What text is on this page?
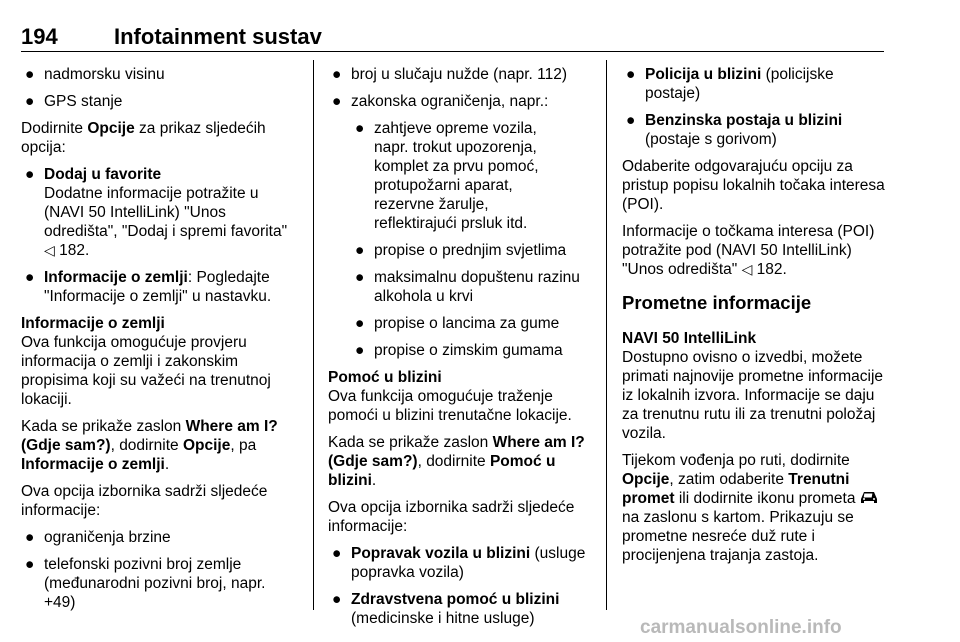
194	Infotainment sustav
● nadmorsku visinu
● GPS stanje

Dodirnite Opcije za prikaz sljedećih opcija:

● Dodaj u favorite

Dodatne informacije potražite u (NAVI 50 IntelliLink) "Unos odredišta", "Dodaj i spremi favorita" ◁ 182.

● Informacije o zemlji: Pogledajte "Informacije o zemlji" u nastavku.

Informacije o zemlji

Ova funkcija omogućuje provjeru informacija o zemlji i zakonskim propisima koji su važeći na trenutnoj lokaciji.

Kada se prikaže zaslon Where am I? (Gdje sam?), dodirnite Opcije, pa Informacije o zemlji.

Ova opcija izbornika sadrži sljedeće informacije:

● ograničenja brzine
● telefonski pozivni broj zemlje (međunarodni pozivni broj, napr. +49)
● broj u slučaju nužde (napr. 112)
● zakonska ograničenja, napr.:
● zahtjeve opreme vozila,
napr. trokut upozorenja,
komplet za prvu pomoć,
protupožarni aparat,
rezervne žarulje,
reflektirajući prsluk itd.
● propise o prednjim svjetlima
● maksimalnu dopuštenu razinu alkohola u krvi
● propise o lancima za gume
● propise o zimskim gumama

Pomoć u blizini

Ova funkcija omogućuje traženje pomoći u blizini trenutačne lokacije.

Kada se prikaže zaslon Where am I? (Gdje sam?), dodirnite Pomoć u blizini.

Ova opcija izbornika sadrži sljedeće informacije:

● Popravak vozila u blizini (usluge popravka vozila)
● Zdravstvena pomoć u blizini (medicinske i hitne usluge)
● Policija u blizini (policijske postaje)
● Benzinska postaja u blizini (postaje s gorivom)

Odaberite odgovarajuću opciju za pristup popisu lokalnih točaka interesa (POI).

Informacije o točkama interesa (POI) potražite pod (NAVI 50 IntelliLink) "Unos odredišta" ◁ 182.

Prometne informacije

NAVI 50 IntelliLink

Dostupno ovisno o izvedbi, možete primati najnovije prometne informacije iz lokalnih izvora. Informacije se daju za trenutnu rutu ili za trenutni položaj vozila.

Tijekom vođenja po ruti, dodirnite Opcije, zatim odaberite Trenutni promet ili dodirnite ikonu prometa  na zaslonu s kartom. Prikazuju se prometne nesreće duž rute i procijenjena trajanja zastoja.

carmanualsonline.info
